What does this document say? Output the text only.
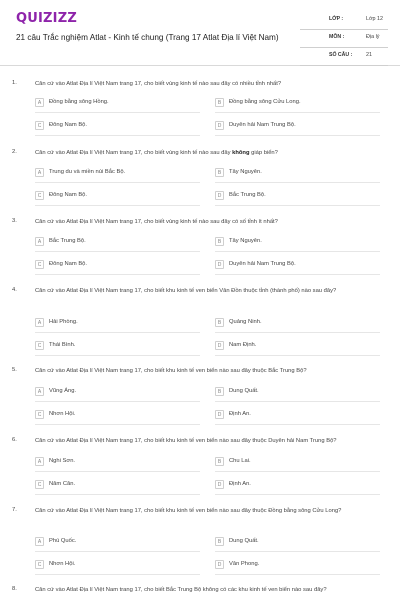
QUIZIZZ
21 câu Trắc nghiệm Atlat - Kinh tế chung (Trang 17 Atlat Địa lí Việt Nam)
LỚP :	Lớp 12
MÔN :	Địa lý
SỐ CÂU :	21
1.	Căn cứ vào Atlat Địa lí Việt Nam trang 17, cho biết vùng kinh tế nào sau đây có nhiều tỉnh nhất?
A	Đồng bằng sông Hồng.	B	Đồng bằng sông Cửu Long.
C	Đông Nam Bộ.	D	Duyên hải Nam Trung Bộ.
2.	Căn cứ vào Atlat Địa lí Việt Nam trang 17, cho biết vùng kinh tế nào sau đây không giáp biển?
A	Trung du và miền núi Bắc Bộ.	B	Tây Nguyên.
C	Đông Nam Bộ.	D	Bắc Trung Bộ.
3.	Căn cứ vào Atlat Địa lí Việt Nam trang 17, cho biết vùng kinh tế nào sau đây có số tỉnh ít nhất?
A	Bắc Trung Bộ.	B	Tây Nguyên.
C	Đông Nam Bộ.	D	Duyên hải Nam Trung Bộ.
4.	Căn cứ vào Atlat Địa lí Việt Nam trang 17, cho biết khu kinh tế ven biển Vân Đồn thuộc tỉnh (thành phố) nào sau đây?
A	Hải Phòng.	B	Quảng Ninh.
C	Thái Bình.	D	Nam Định.
5.	Căn cứ vào Atlat Địa lí Việt Nam trang 17, cho biết khu kinh tế ven biển nào sau đây thuộc Bắc Trung Bộ?
A	Vũng Áng.	B	Dung Quất.
C	Nhơn Hội.	D	Định An.
6.	Căn cứ vào Atlat Địa lí Việt Nam trang 17, cho biết khu kinh tế ven biển nào sau đây thuộc Duyên hải Nam Trung Bộ?
A	Nghi Sơn.	B	Chu Lai.
C	Năm Căn.	D	Định An.
7.	Căn cứ vào Atlat Địa lí Việt Nam trang 17, cho biết khu kinh tế ven biển nào sau đây thuộc Đồng bằng sông Cửu Long?
A	Phú Quốc.	B	Dung Quất.
C	Nhơn Hội.	D	Vân Phong.
8.	Căn cứ vào Atlat Địa lí Việt Nam trang 17, cho biết Bắc Trung Bộ không có các khu kinh tế ven biển nào sau đây?
